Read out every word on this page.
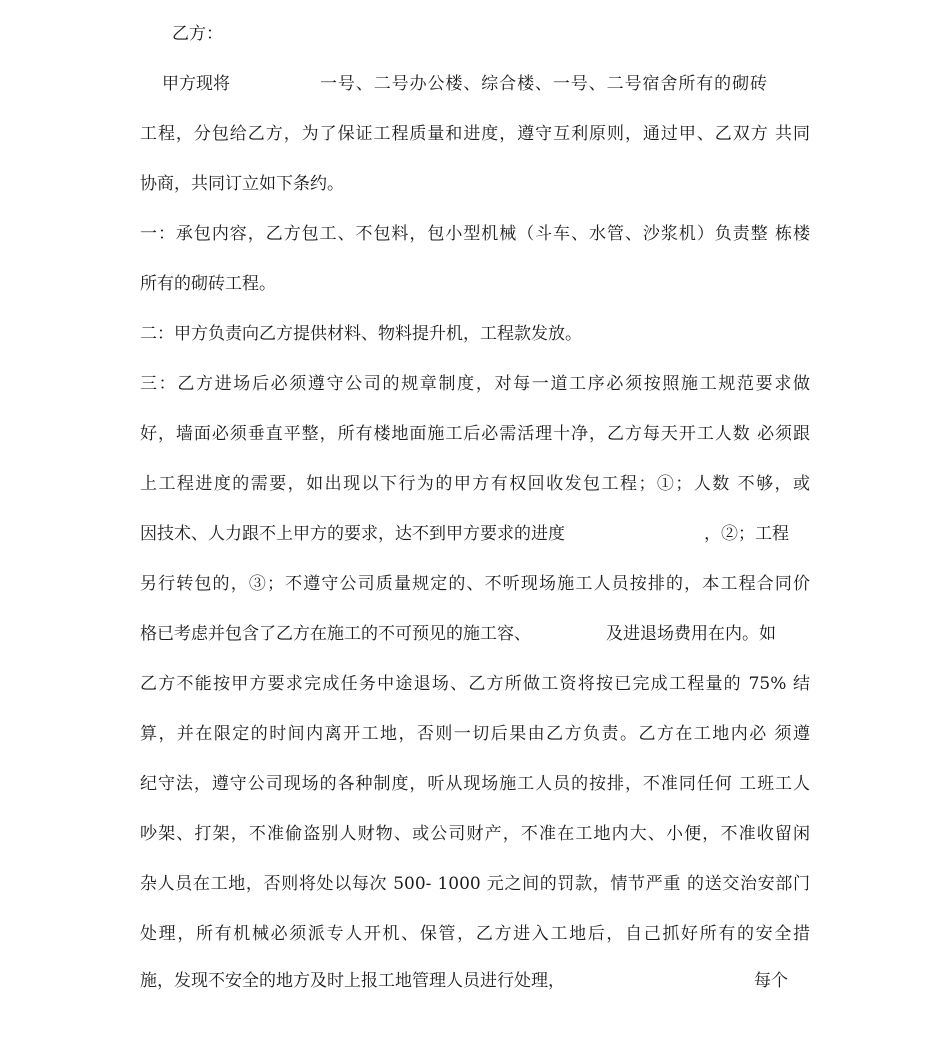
乙方：

甲方现将	一号、二号办公楼、综合楼、一号、二号宿舍所有的砌砖

工程，分包给乙方，为了保证工程质量和进度，遵守互利原则，通过甲、乙双方 共同

协商，共同订立如下条约。

一：承包内容，乙方包工、不包料，包小型机械（斗车、水管、沙浆机）负责整 栋楼

所有的砌砖工程。

二：甲方负责向乙方提供材料、物料提升机，工程款发放。

三：乙方进场后必须遵守公司的规章制度，对每一道工序必须按照施工规范要求做

好，墙面必须垂直平整，所有楼地面施工后必需活理十净，乙方每天开工人数 必须跟

上工程进度的需要，如出现以下行为的甲方有权回收发包工程；①；人数 不够，或

因技术、人力跟不上甲方的要求，达不到甲方要求的进度	，②；工程

另行转包的，③；不遵守公司质量规定的、不听现场施工人员按排的，本工程合同价

格已考虑并包含了乙方在施工的不可预见的施工容、	及进退场费用在内。如

乙方不能按甲方要求完成任务中途退场、乙方所做工资将按已完成工程量的 75% 结

算，并在限定的时间内离开工地，否则一切后果由乙方负责。乙方在工地内必 须遵

纪守法，遵守公司现场的各种制度，听从现场施工人员的按排，不准同任何 工班工人

吵架、打架，不准偷盗别人财物、或公司财产，不准在工地内大、小便，不准收留闲

杂人员在工地，否则将处以每次 500- 1000 元之间的罚款，情节严重 的送交治安部门

处理，所有机械必须派专人开机、保管，乙方进入工地后，自己抓好所有的安全措

施，发现不安全的地方及时上报工地管理人员进行处理，	每个
